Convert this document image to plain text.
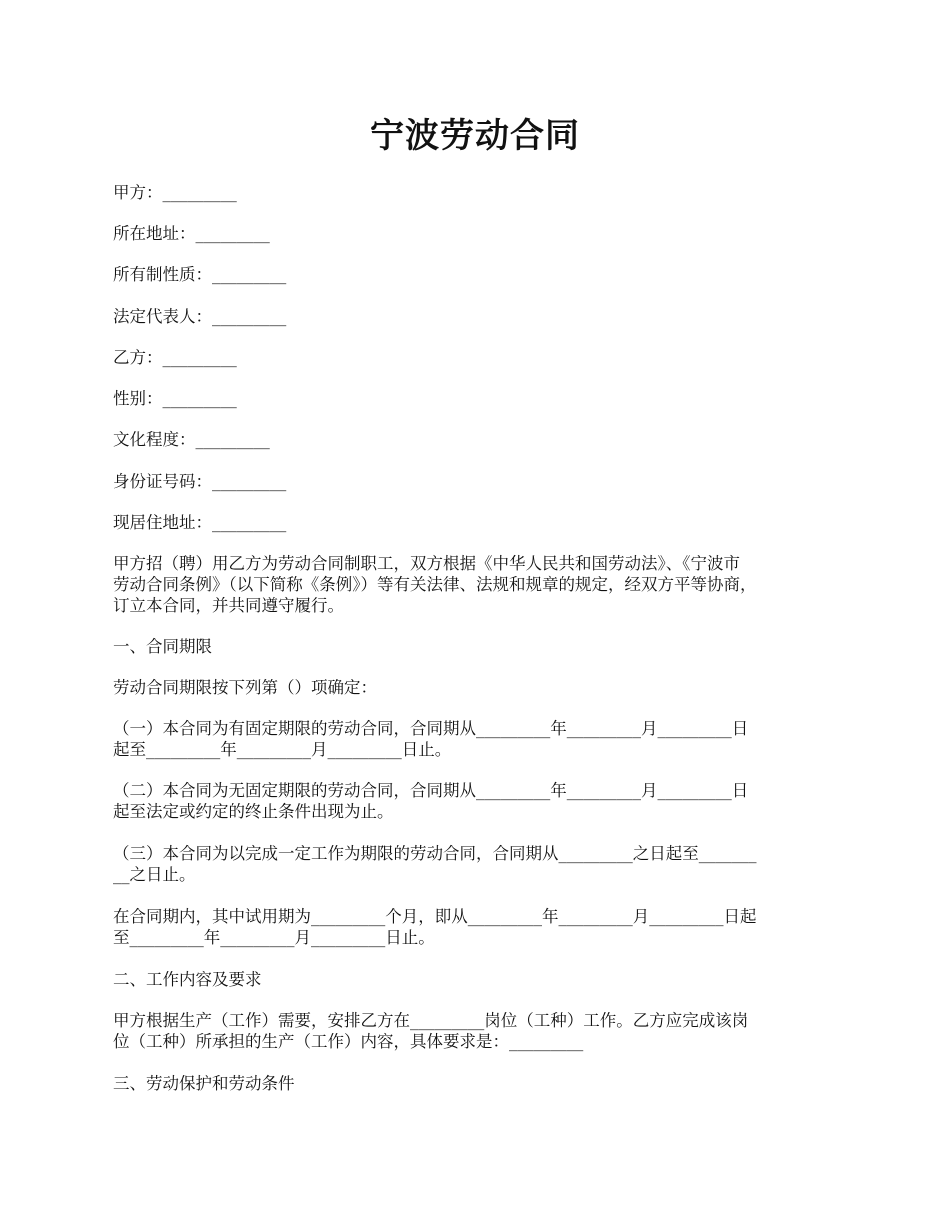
宁波劳动合同

甲方：_________

所在地址：_________

所有制性质：_________

法定代表人：_________

乙方：_________

性别：_________

文化程度：_________

身份证号码：_________

现居住地址：_________

甲方招（聘）用乙方为劳动合同制职工，双方根据《中华人民共和国劳动法》、《宁波市
劳动合同条例》（以下简称《条例》）等有关法律、法规和规章的规定，经双方平等协商，
订立本合同，并共同遵守履行。

一、合同期限

劳动合同期限按下列第（）项确定：

（一）本合同为有固定期限的劳动合同，合同期从_________年_________月_________日
起至_________年_________月_________日止。
（二）本合同为无固定期限的劳动合同，合同期从_________年_________月_________日
起至法定或约定的终止条件出现为止。
（三）本合同为以完成一定工作为期限的劳动合同，合同期从_________之日起至_______
__之日止。
在合同期内，其中试用期为_________个月，即从_________年_________月_________日起
至_________年_________月_________日止。

二、工作内容及要求

甲方根据生产（工作）需要，安排乙方在_________岗位（工种）工作。乙方应完成该岗
位（工种）所承担的生产（工作）内容，具体要求是：_________

三、劳动保护和劳动条件
